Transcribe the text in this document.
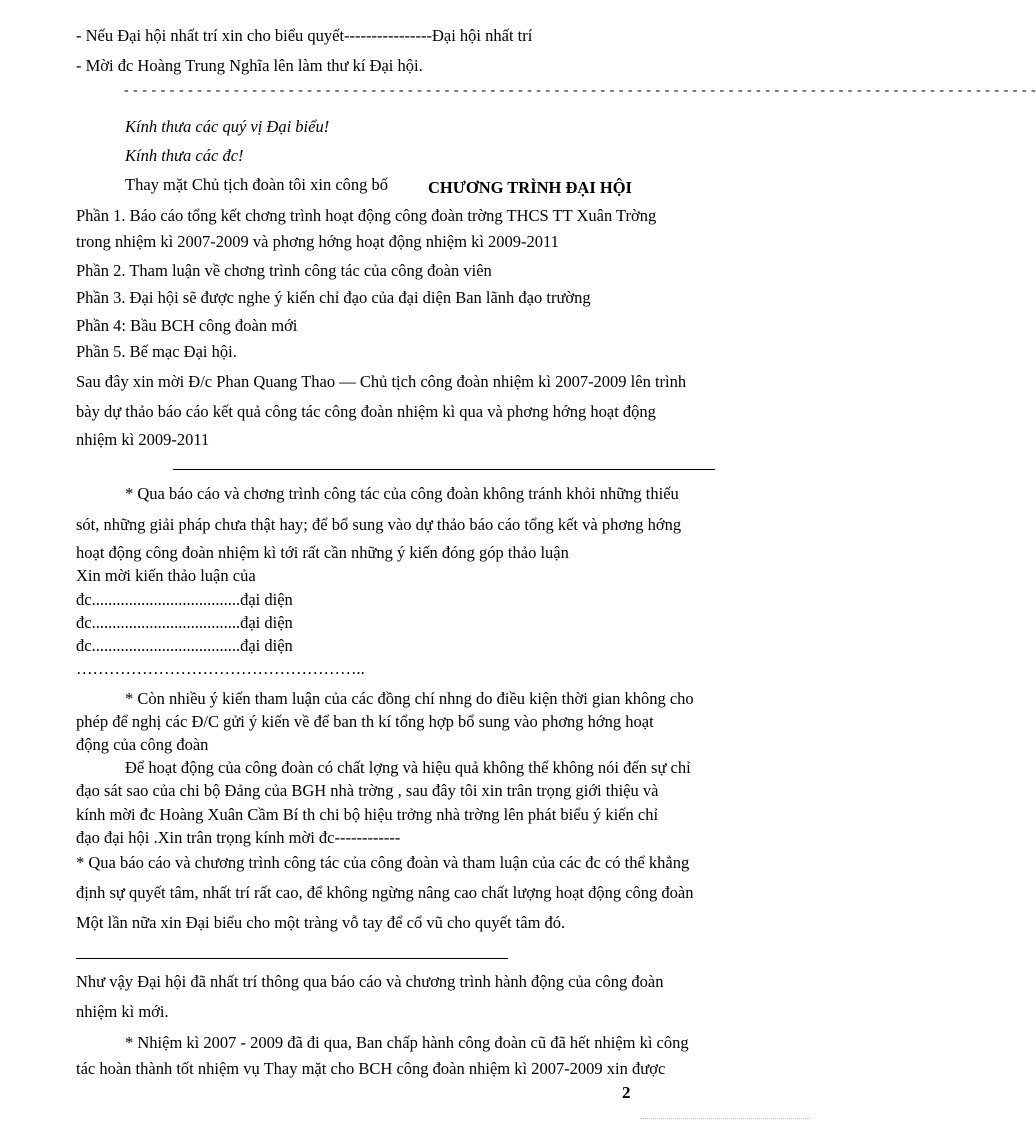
- - - - - - - - - - - - - - - - - - - - - - - - - - - - - - - - - - - - - - - - - - - - - - - - - - - - - - - - - - - - - - - - - - - - - - - - - - - - - - - - - - - - - - - - - - - - - - - - - - - -
2
- Nếu Đại hội nhất trí xin cho biểu quyết----------------Đại hội nhất trí
- Mời đc Hoàng Trung Nghĩa lên làm thư kí Đại hội.
Kính thưa các quý vị Đại biểu!
Kính thưa các đc!
Thay mặt Chủ tịch đoàn tôi xin công bố CHƯƠNG TRÌNH ĐẠI HỘI
Phần 1. Báo cáo tổng kết chơng trình hoạt động công đoàn trờng THCS TT Xuân Trờng
trong nhiệm kì 2007-2009 và phơng hớng hoạt động nhiệm kì 2009-2011
Phần 2. Tham luận về chơng trình công tác của công đoàn viên
Phần 3. Đại hội sẽ được nghe ý kiến chỉ đạo của đại diện Ban lãnh đạo trường
Phần 4: Bầu BCH công đoàn mới
Phần 5. Bế mạc Đại hội.
Sau đây xin mời Đ/c Phan Quang Thao — Chủ tịch công đoàn nhiệm kì 2007-2009 lên trình
bày dự thảo báo cáo kết quả công tác công đoàn nhiệm kì qua và phơng hớng hoạt động
nhiệm kì 2009-2011
* Qua báo cáo và chơng trình công tác của công đoàn không tránh khỏi những thiếu
sót, những giải pháp chưa thật hay; để bổ sung vào dự thảo báo cáo tổng kết và phơng hớng
hoạt động công đoàn nhiệm kì tới rất cần những ý kiến đóng góp thảo luận
Xin mời kiến thảo luận của
đc....................................đại diện
đc....................................đại diện
đc....................................đại diện
……………………………………………..
* Còn nhiều ý kiến tham luận của các đồng chí nhng do điều kiện thời gian không cho
phép để nghị các Đ/C gửi ý kiến về để ban th kí tổng hợp bổ sung vào phơng hớng hoạt
động của công đoàn
Để hoạt động của công đoàn có chất lợng và hiệu quả không thể không nói đến sự chỉ
đạo sát sao của chi bộ Đảng của BGH nhà trờng , sau đây tôi xin trân trọng giới thiệu và
kính mời đc Hoàng Xuân Cầm Bí th chi bộ hiệu trởng nhà trờng lên phát biểu ý kiến chỉ
đạo đại hội .Xin trân trọng kính mời đc------------
* Qua báo cáo và chương trình công tác của công đoàn và tham luận của các đc có thể khẳng
định sự quyết tâm, nhất trí rất cao, để không ngừng nâng cao chất lượng hoạt động công đoàn
Một lần nữa xin Đại biểu cho một tràng vỗ tay để cổ vũ cho quyết tâm đó.
Như vậy Đại hội đã nhất trí thông qua báo cáo và chương trình hành động của công đoàn
nhiệm kì mới.
* Nhiệm kì 2007 - 2009 đã đi qua, Ban chấp hành công đoàn cũ đã hết nhiệm kì công
tác hoàn thành tốt nhiệm vụ Thay mặt cho BCH công đoàn nhiệm kì 2007-2009 xin được
